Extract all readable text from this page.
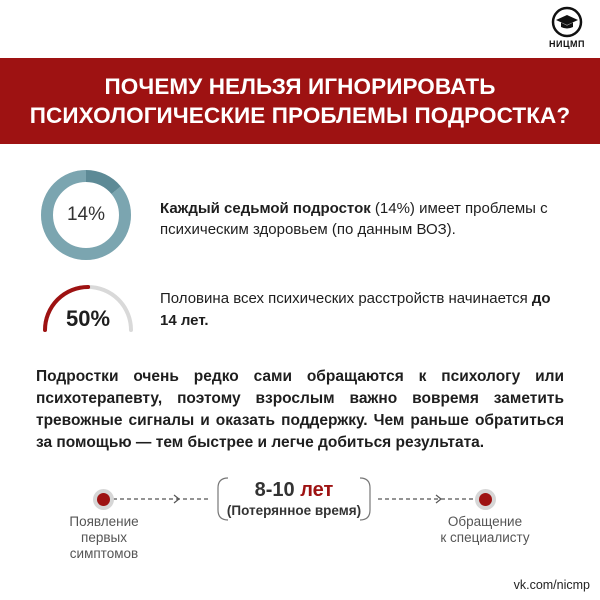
НИЦМП
ПОЧЕМУ НЕЛЬЗЯ ИГНОРИРОВАТЬ
ПСИХОЛОГИЧЕСКИЕ ПРОБЛЕМЫ ПОДРОСТКА?
14%	Каждый седьмой подросток (14%) имеет проблемы с психическим здоровьем (по данным ВОЗ).
50%
Половина всех психических расстройств начинается до 14 лет.
Подростки очень редко сами обращаются к психологу или психотерапевту, поэтому взрослым важно вовремя заметить тревожные сигналы и оказать поддержку. Чем раньше обратиться за помощью — тем быстрее и легче добиться результата.
8-10 лет
(Потерянное время)
Появление
первых
симптомов
Обращение
к специалисту
vk.com/nicmp
